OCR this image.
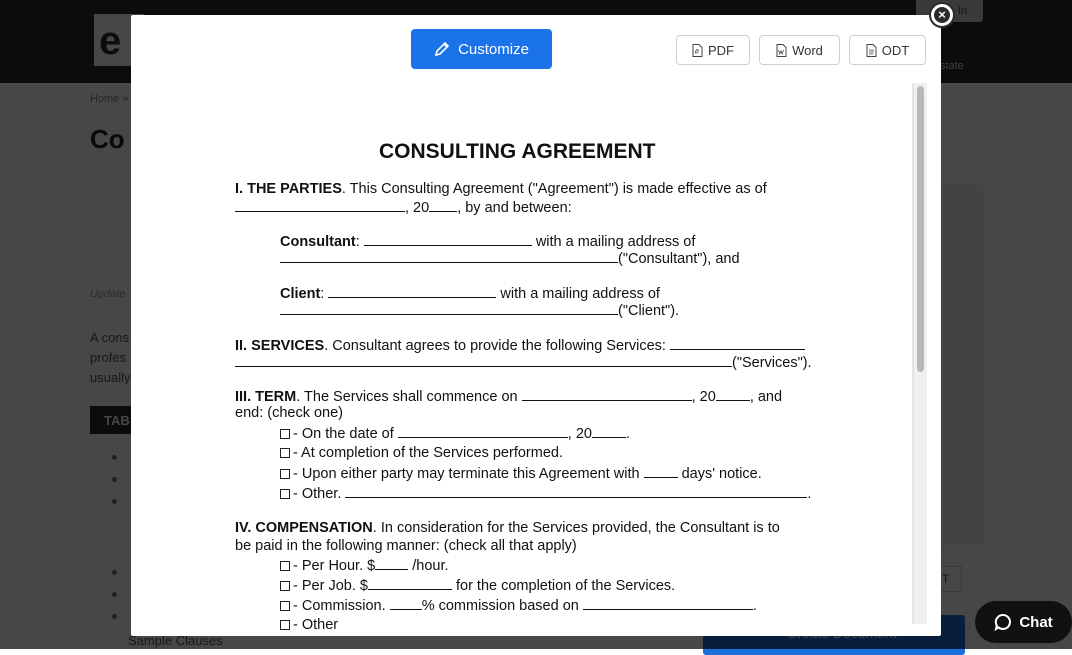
Customize	PDF	Word	ODT
CONSULTING AGREEMENT
I. THE PARTIES. This Consulting Agreement ("Agreement") is made effective as of
, 20 , by and between:
Consultant:	with a mailing address of
("Consultant"), and
Client:	with a mailing address of
("Client").
II. SERVICES. Consultant agrees to provide the following Services:
("Services").
III. TERM. The Services shall commence on	, 20 , and
end: (check one)
- On the date of	, 20 .
- At completion of the Services performed.
- Upon either party may terminate this Agreement with	days' notice.
- Other.	.
IV. COMPENSATION. In consideration for the Services provided, the Consultant is to
be paid in the following manner: (check all that apply)
- Per Hour. $	/hour.
- Per Job. $	for the completion of the Services.
- Commission. % commission based on	.
- Other
×
Chat
